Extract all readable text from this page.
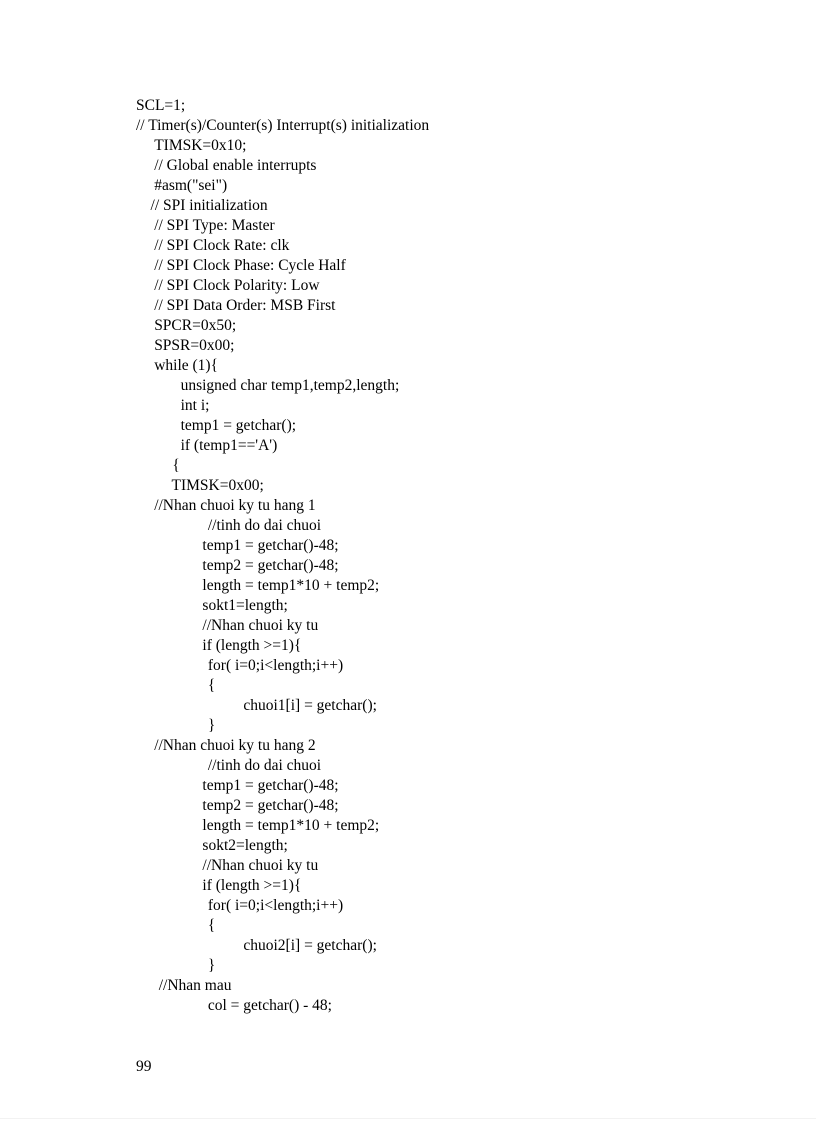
SCL=1;
// Timer(s)/Counter(s) Interrupt(s) initialization
TIMSK=0x10;
// Global enable interrupts
#asm("sei")
// SPI initialization
// SPI Type: Master
// SPI Clock Rate: clk
// SPI Clock Phase: Cycle Half
// SPI Clock Polarity: Low
// SPI Data Order: MSB First
SPCR=0x50;
SPSR=0x00;
while (1){
unsigned char temp1,temp2,length;
int i;
temp1 = getchar();
if (temp1=='A')
{
TIMSK=0x00;
//Nhan chuoi ky tu hang 1
//tinh do dai chuoi
temp1 = getchar()-48;
temp2 = getchar()-48;
length = temp1*10 + temp2;
sokt1=length;
//Nhan chuoi ky tu
if (length >=1){
for( i=0;i<length;i++)
{
chuoi1[i] = getchar();
}
//Nhan chuoi ky tu hang 2
//tinh do dai chuoi
temp1 = getchar()-48;
temp2 = getchar()-48;
length = temp1*10 + temp2;
sokt2=length;
//Nhan chuoi ky tu
if (length >=1){
for( i=0;i<length;i++)
{
chuoi2[i] = getchar();
}
//Nhan mau
col = getchar() - 48;
99
